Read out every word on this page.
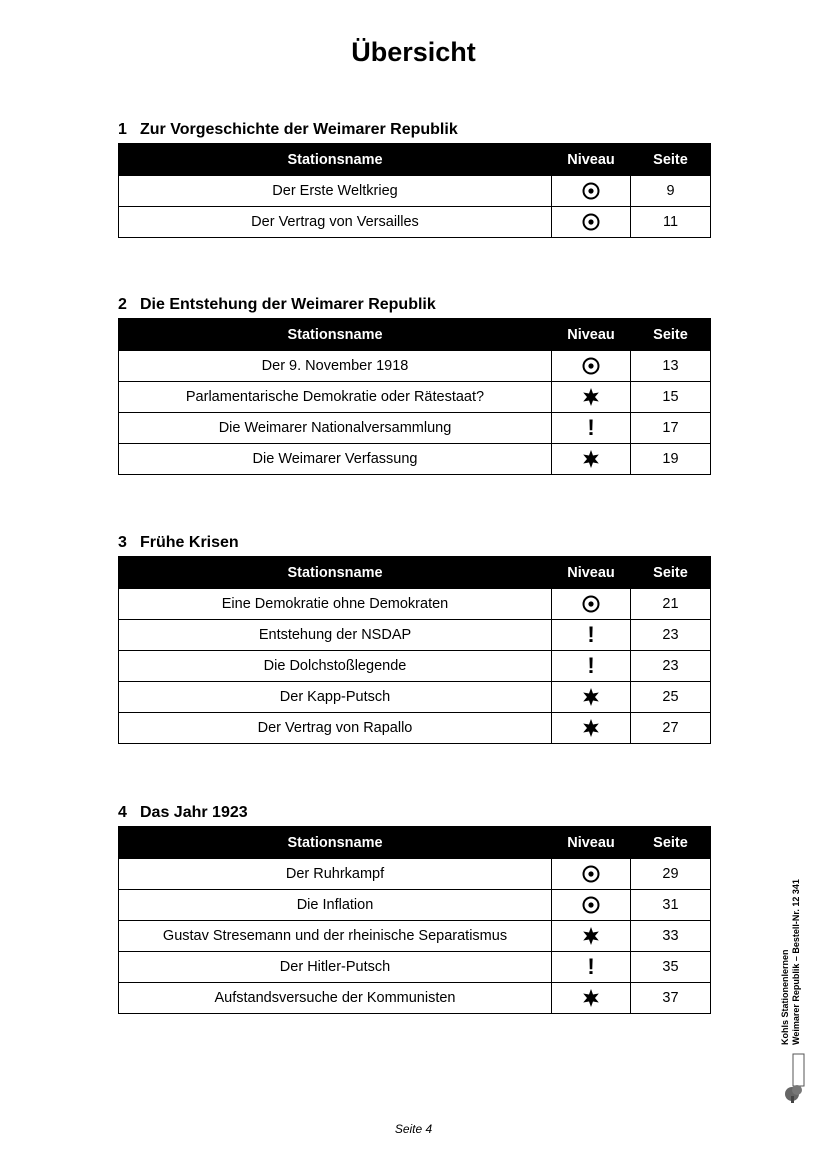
Übersicht
1 Zur Vorgeschichte der Weimarer Republik
Stationsname	Niveau	Seite
Der Erste Weltkrieg		9
Der Vertrag von Versailles		11
2 Die Entstehung der Weimarer Republik
Stationsname	Niveau	Seite
Der 9. November 1918		13
Parlamentarische Demokratie oder Rätestaat?		15
Die Weimarer Nationalversammlung	!	17
Die Weimarer Verfassung		19
3 Frühe Krisen
Stationsname	Niveau	Seite
Eine Demokratie ohne Demokraten		21
Entstehung der NSDAP	!	23
Die Dolchstoßlegende	!	23
Der Kapp-Putsch		25
Der Vertrag von Rapallo		27
4 Das Jahr 1923
Stationsname	Niveau	Seite
Der Ruhrkampf		29
Die Inflation		31
Gustav Stresemann und der rheinische Separatismus		33
Der Hitler-Putsch	!	35
Aufstandsversuche der Kommunisten		37
Seite 4
Kohls Stationenlernen Weimarer Republik – Bestell-Nr. 12 341
